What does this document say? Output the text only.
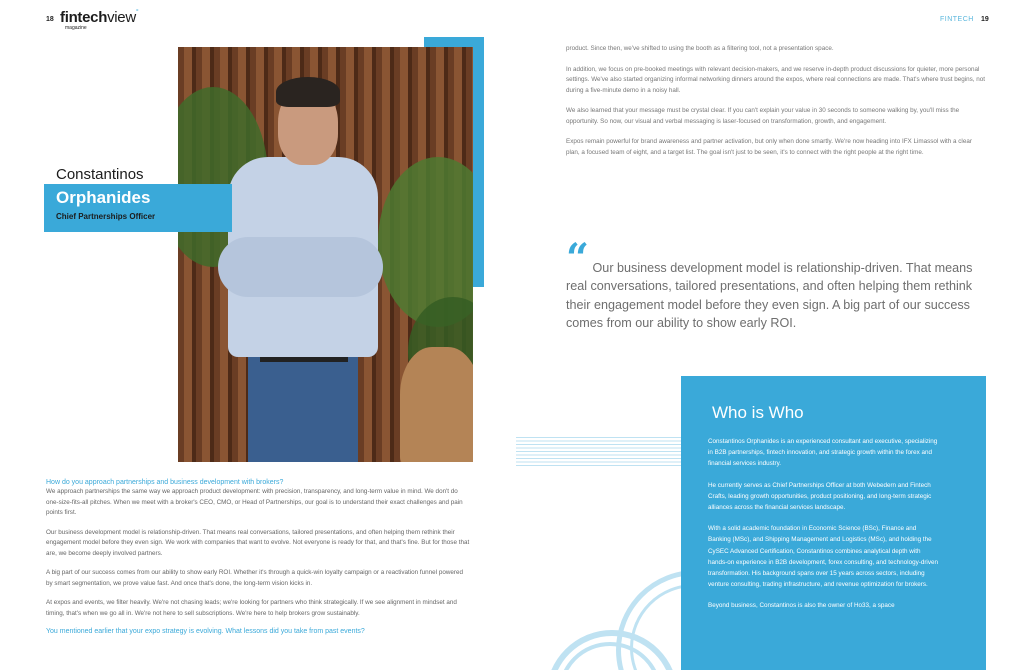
18 fintechview°
magazine
FINTECH 19
Constantinos
Orphanides
Chief Partnerships Officer
How do you approach partnerships and business development with brokers?

We approach partnerships the same way we approach product development: with precision, transparency, and long-term value in mind. We don't do one-size-fits-all pitches. When we meet with a broker's CEO, CMO, or Head of Partnerships, our goal is to understand their exact challenges and pain points first.

Our business development model is relationship-driven. That means real conversations, tailored presentations, and often helping them rethink their engagement model before they even sign. We work with companies that want to evolve. Not everyone is ready for that, and that's fine. But for those that are, we become deeply involved partners.

A big part of our success comes from our ability to show early ROI. Whether it's through a quick-win loyalty campaign or a reactivation funnel powered by smart segmentation, we prove value fast. And once that's done, the long-term vision kicks in.

At expos and events, we filter heavily. We're not chasing leads; we're looking for partners who think strategically. If we see alignment in mindset and timing, that's when we go all in. We're not here to sell subscriptions. We're here to help brokers grow sustainably.

You mentioned earlier that your expo strategy is evolving. What lessons did you take from past events?

product. Since then, we've shifted to using the booth as a filtering tool, not a presentation space.

In addition, we focus on pre-booked meetings with relevant decision-makers, and we reserve in-depth product discussions for quieter, more personal settings. We've also started organizing informal networking dinners around the expos, where real connections are made. That's where trust begins, not during a five-minute demo in a noisy hall.

We also learned that your message must be crystal clear. If you can't explain your value in 30 seconds to someone walking by, you'll miss the opportunity. So now, our visual and verbal messaging is laser-focused on transformation, growth, and engagement.

Expos remain powerful for brand awareness and partner activation, but only when done smartly. We're now heading into IFX Limassol with a clear plan, a focused team of eight, and a target list. The goal isn't just to be seen, it's to connect with the right people at the right time.

“ Our business development model is relationship-driven. That means real conversations, tailored presentations, and often helping them rethink their engagement model before they even sign. A big part of our success comes from our ability to show early ROI.
Who is Who

Constantinos Orphanides is an experienced consultant and executive, specializing in B2B partnerships, fintech innovation, and strategic growth within the forex and financial services industry.

He currently serves as Chief Partnerships Officer at both Webedern and Fintech Crafts, leading growth opportunities, product positioning, and long-term strategic alliances across the financial services landscape.

With a solid academic foundation in Economic Science (BSc), Finance and Banking (MSc), and Shipping Management and Logistics (MSc), and holding the CySEC Advanced Certification, Constantinos combines analytical depth with hands-on experience in B2B development, forex consulting, and technology-driven transformation. His background spans over 15 years across sectors, including venture consulting, trading infrastructure, and revenue optimization for brokers.

Beyond business, Constantinos is also the owner of Ho33, a space
